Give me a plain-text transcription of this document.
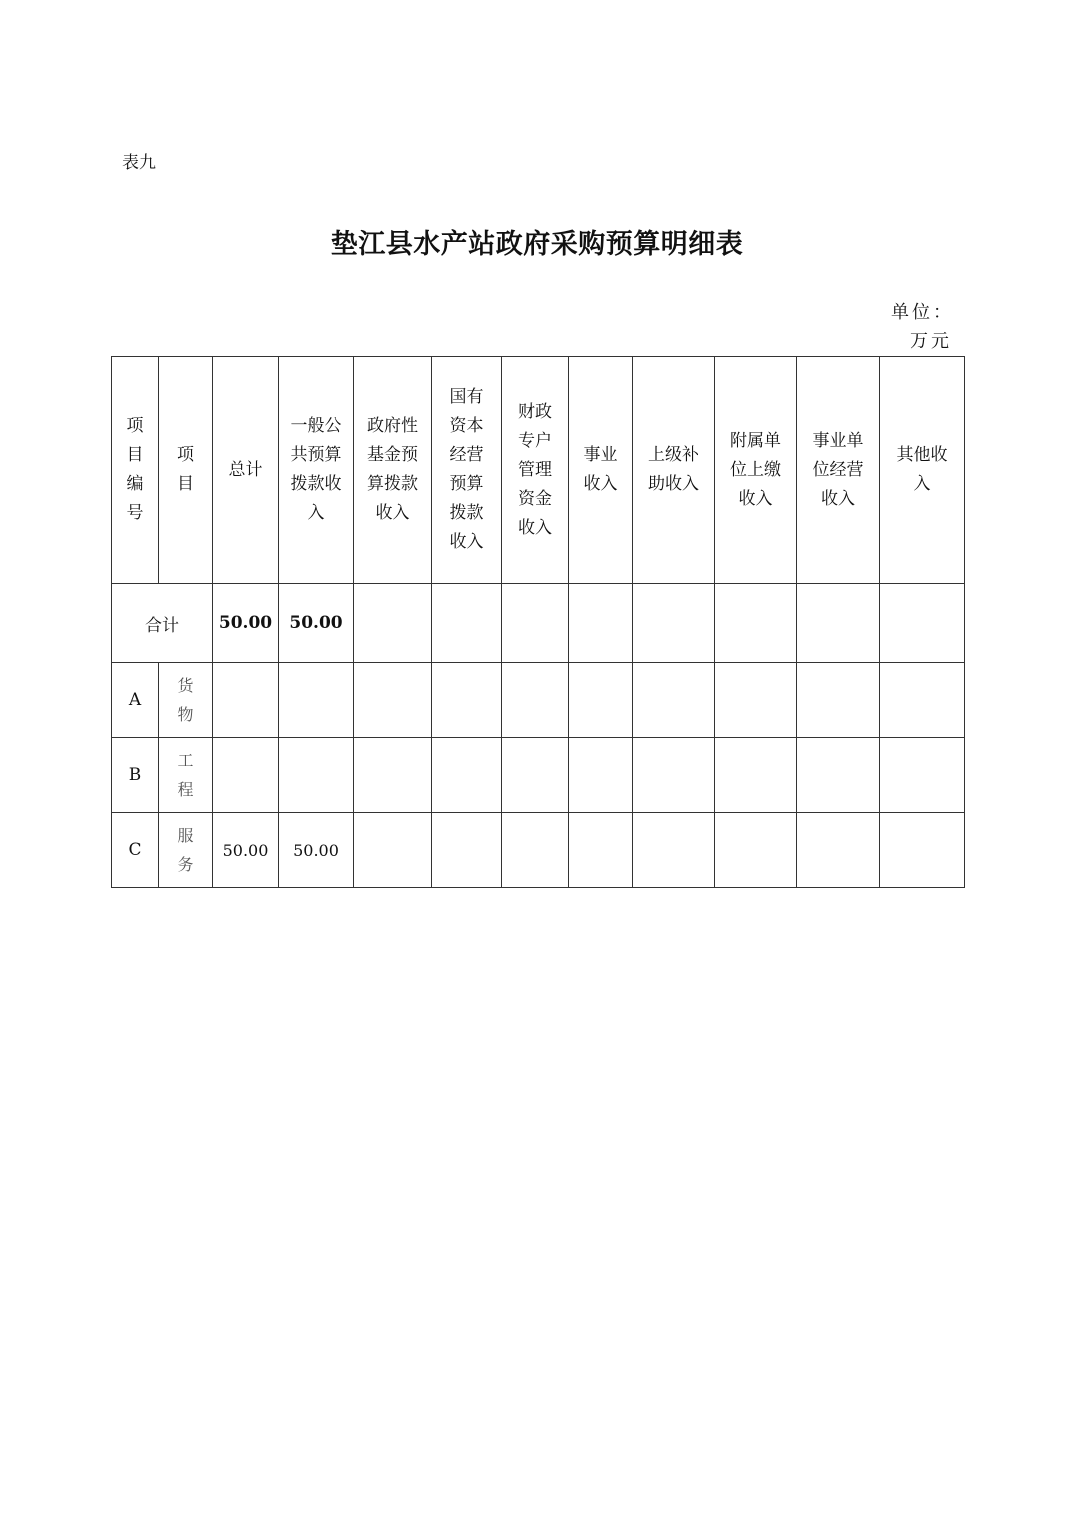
表九
垫江县水产站政府采购预算明细表
单位：
万元
项目编号	项目	总计	一般公共预算拨款收入	政府性基金预算拨款收入	国有资本经营预算拨款收入	财政专户管理资金收入	事业收入	上级补助收入	附属单位上缴收入	事业单位经营收入	其他收入
合计		50.00	50.00								
A	货物										
B	工程										
C	服务	50.00	50.00								
